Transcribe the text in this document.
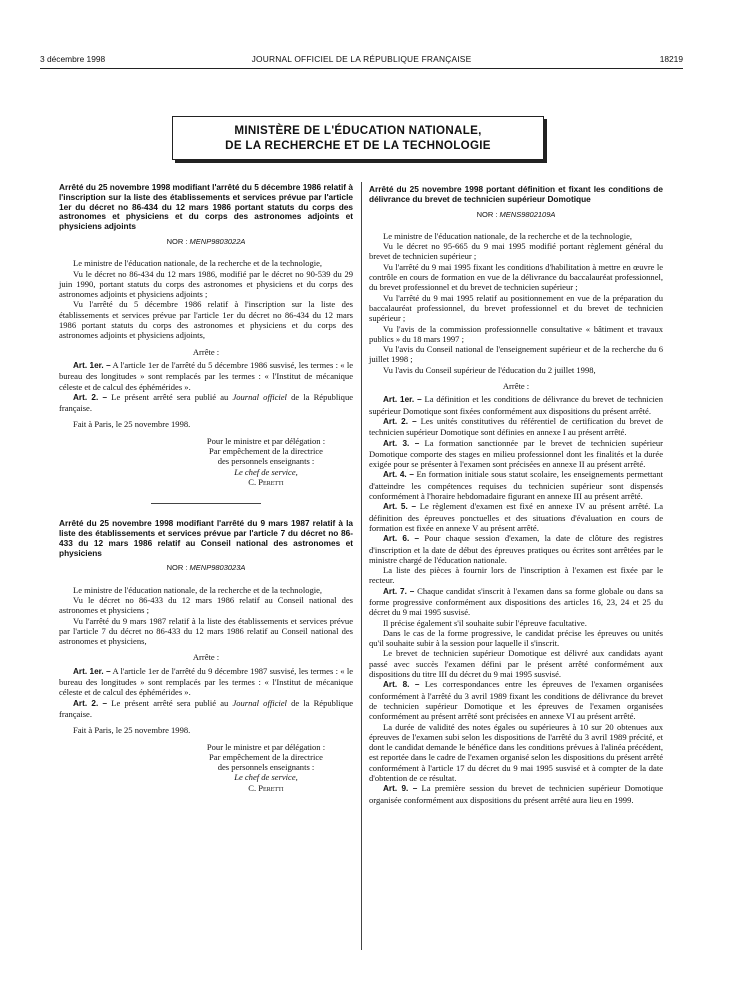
3 décembre 1998	JOURNAL OFFICIEL DE LA RÉPUBLIQUE FRANÇAISE	18219
MINISTÈRE DE L'ÉDUCATION NATIONALE,
DE LA RECHERCHE ET DE LA TECHNOLOGIE

Arrêté du 25 novembre 1998 modifiant l'arrêté du 5 décembre 1986 relatif à l'inscription sur la liste des établissements et services prévue par l'article 1er du décret no 86-434 du 12 mars 1986 portant statuts du corps des astronomes et physiciens et du corps des astronomes adjoints et physiciens adjoints

NOR : MENP9803022A

Le ministre de l'éducation nationale, de la recherche et de la technologie,

Vu le décret no 86-434 du 12 mars 1986, modifié par le décret no 90-539 du 29 juin 1990, portant statuts du corps des astronomes et physiciens et du corps des astronomes adjoints et physiciens adjoints ;

Vu l'arrêté du 5 décembre 1986 relatif à l'inscription sur la liste des établissements et services prévue par l'article 1er du décret no 86-434 du 12 mars 1986 portant statuts du corps des astronomes et physiciens et du corps des astronomes adjoints et physiciens adjoints,

Arrête :

Art. 1er. – A l'article 1er de l'arrêté du 5 décembre 1986 susvisé, les termes : « le bureau des longitudes » sont remplacés par les termes : « l'Institut de mécanique céleste et de calcul des éphémérides ».

Art. 2. – Le présent arrêté sera publié au Journal officiel de la République française.

Fait à Paris, le 25 novembre 1998.

Pour le ministre et par délégation :
Par empêchement de la directrice
des personnels enseignants :
Le chef de service,
C. Peretti

Arrêté du 25 novembre 1998 modifiant l'arrêté du 9 mars 1987 relatif à la liste des établissements et services prévue par l'article 7 du décret no 86-433 du 12 mars 1986 relatif au Conseil national des astronomes et physiciens

NOR : MENP9803023A

Le ministre de l'éducation nationale, de la recherche et de la technologie,

Vu le décret no 86-433 du 12 mars 1986 relatif au Conseil national des astronomes et physiciens ;

Vu l'arrêté du 9 mars 1987 relatif à la liste des établissements et services prévue par l'article 7 du décret no 86-433 du 12 mars 1986 relatif au Conseil national des astronomes et physiciens,

Arrête :

Art. 1er. – A l'article 1er de l'arrêté du 9 décembre 1987 susvisé, les termes : « le bureau des longitudes » sont remplacés par les termes : « l'Institut de mécanique céleste et de calcul des éphémérides ».

Art. 2. – Le présent arrêté sera publié au Journal officiel de la République française.

Fait à Paris, le 25 novembre 1998.

Pour le ministre et par délégation :
Par empêchement de la directrice
des personnels enseignants :
Le chef de service,
C. Peretti

Arrêté du 25 novembre 1998 portant définition et fixant les conditions de délivrance du brevet de technicien supérieur Domotique

NOR : MENS9802109A

Le ministre de l'éducation nationale, de la recherche et de la technologie,

Vu le décret no 95-665 du 9 mai 1995 modifié portant règlement général du brevet de technicien supérieur ;

Vu l'arrêté du 9 mai 1995 fixant les conditions d'habilitation à mettre en œuvre le contrôle en cours de formation en vue de la délivrance du baccalauréat professionnel, du brevet professionnel et du brevet de technicien supérieur ;

Vu l'arrêté du 9 mai 1995 relatif au positionnement en vue de la préparation du baccalauréat professionnel, du brevet professionnel et du brevet de technicien supérieur ;

Vu l'avis de la commission professionnelle consultative « bâtiment et travaux publics » du 18 mars 1997 ;

Vu l'avis du Conseil national de l'enseignement supérieur et de la recherche du 6 juillet 1998 ;

Vu l'avis du Conseil supérieur de l'éducation du 2 juillet 1998,

Arrête :

Art. 1er. – La définition et les conditions de délivrance du brevet de technicien supérieur Domotique sont fixées conformément aux dispositions du présent arrêté.

Art. 2. – Les unités constitutives du référentiel de certification du brevet de technicien supérieur Domotique sont définies en annexe I au présent arrêté.

Art. 3. – La formation sanctionnée par le brevet de technicien supérieur Domotique comporte des stages en milieu professionnel dont les finalités et la durée exigée pour se présenter à l'examen sont précisées en annexe II au présent arrêté.

Art. 4. – En formation initiale sous statut scolaire, les enseignements permettant d'atteindre les compétences requises du technicien supérieur sont dispensés conformément à l'horaire hebdomadaire figurant en annexe III au présent arrêté.

Art. 5. – Le règlement d'examen est fixé en annexe IV au présent arrêté. La définition des épreuves ponctuelles et des situations d'évaluation en cours de formation est fixée en annexe V au présent arrêté.

Art. 6. – Pour chaque session d'examen, la date de clôture des registres d'inscription et la date de début des épreuves pratiques ou écrites sont arrêtées par le ministre chargé de l'éducation nationale.

La liste des pièces à fournir lors de l'inscription à l'examen est fixée par le recteur.

Art. 7. – Chaque candidat s'inscrit à l'examen dans sa forme globale ou dans sa forme progressive conformément aux dispositions des articles 16, 23, 24 et 25 du décret du 9 mai 1995 susvisé.

Il précise également s'il souhaite subir l'épreuve facultative.

Dans le cas de la forme progressive, le candidat précise les épreuves ou unités qu'il souhaite subir à la session pour laquelle il s'inscrit.

Le brevet de technicien supérieur Domotique est délivré aux candidats ayant passé avec succès l'examen défini par le présent arrêté conformément aux dispositions du titre III du décret du 9 mai 1995 susvisé.

Art. 8. – Les correspondances entre les épreuves de l'examen organisées conformément à l'arrêté du 3 avril 1989 fixant les conditions de délivrance du brevet de technicien supérieur Domotique et les épreuves de l'examen organisées conformément au présent arrêté sont précisées en annexe VI au présent arrêté.

La durée de validité des notes égales ou supérieures à 10 sur 20 obtenues aux épreuves de l'examen subi selon les dispositions de l'arrêté du 3 avril 1989 précité, et dont le candidat demande le bénéfice dans les conditions prévues à l'alinéa précédent, est reportée dans le cadre de l'examen organisé selon les dispositions du présent arrêté conformément à l'article 17 du décret du 9 mai 1995 susvisé et à compter de la date d'obtention de ce résultat.

Art. 9. – La première session du brevet de technicien supérieur Domotique organisée conformément aux dispositions du présent arrêté aura lieu en 1999.
